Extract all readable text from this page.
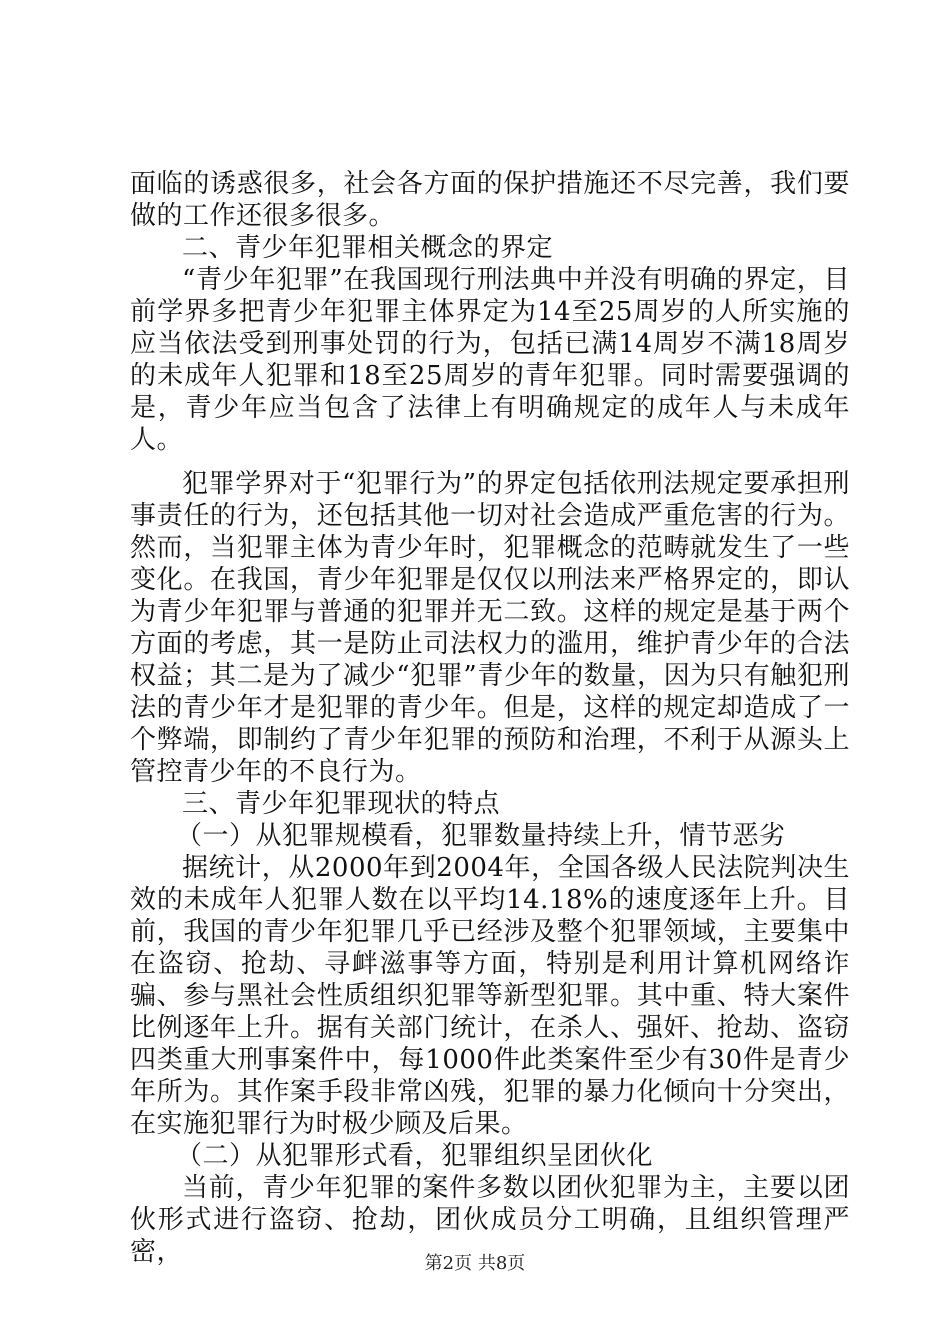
面临的诱惑很多，社会各方面的保护措施还不尽完善，我们要做的工作还很多很多。

二、青少年犯罪相关概念的界定

“青少年犯罪”在我国现行刑法典中并没有明确的界定，目前学界多把青少年犯罪主体界定为14至25周岁的人所实施的应当依法受到刑事处罚的行为，包括已满14周岁不满18周岁的未成年人犯罪和18至25周岁的青年犯罪。同时需要强调的是，青少年应当包含了法律上有明确规定的成年人与未成年人。

犯罪学界对于“犯罪行为”的界定包括依刑法规定要承担刑事责任的行为，还包括其他一切对社会造成严重危害的行为。然而，当犯罪主体为青少年时，犯罪概念的范畴就发生了一些变化。在我国，青少年犯罪是仅仅以刑法来严格界定的，即认为青少年犯罪与普通的犯罪并无二致。这样的规定是基于两个方面的考虑，其一是防止司法权力的滥用，维护青少年的合法权益；其二是为了减少“犯罪”青少年的数量，因为只有触犯刑法的青少年才是犯罪的青少年。但是，这样的规定却造成了一个弊端，即制约了青少年犯罪的预防和治理，不利于从源头上管控青少年的不良行为。

三、青少年犯罪现状的特点

（一）从犯罪规模看，犯罪数量持续上升，情节恶劣

据统计，从2000年到2004年，全国各级人民法院判决生效的未成年人犯罪人数在以平均14.18%的速度逐年上升。目前，我国的青少年犯罪几乎已经涉及整个犯罪领域，主要集中在盗窃、抢劫、寻衅滋事等方面，特别是利用计算机网络诈骗、参与黑社会性质组织犯罪等新型犯罪。其中重、特大案件比例逐年上升。据有关部门统计，在杀人、强奸、抢劫、盗窃四类重大刑事案件中，每1000件此类案件至少有30件是青少年所为。其作案手段非常凶残，犯罪的暴力化倾向十分突出，在实施犯罪行为时极少顾及后果。

（二）从犯罪形式看，犯罪组织呈团伙化

当前，青少年犯罪的案件多数以团伙犯罪为主，主要以团伙形式进行盗窃、抢劫，团伙成员分工明确，且组织管理严密，	第2页 共8页
